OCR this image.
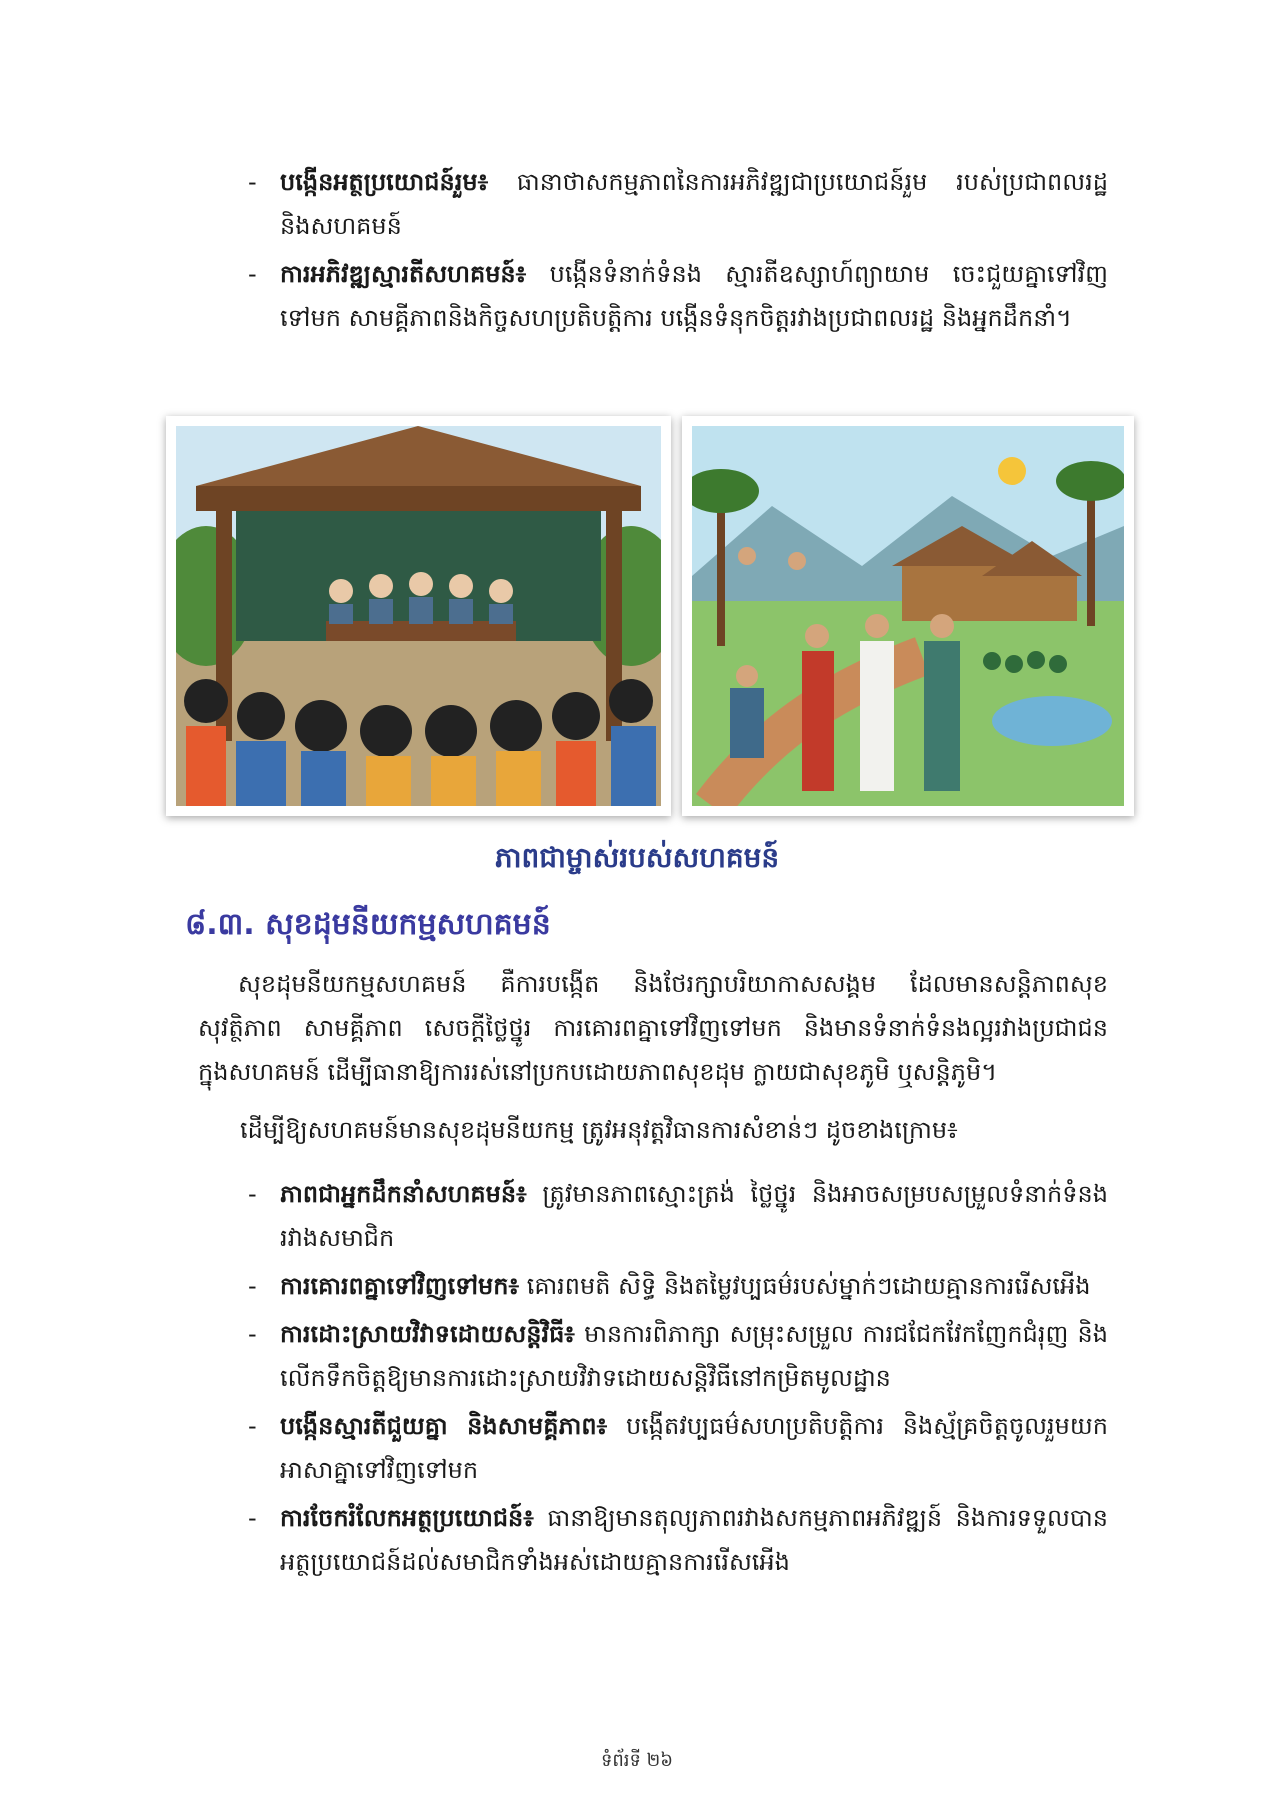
- បង្កើនអត្ថប្រយោជន៍រួម៖ ធានាថាសកម្មភាពនៃការអភិវឌ្ឍជាប្រយោជន៍រួម របស់ប្រជាពលរដ្ឋ និងសហគមន៍
- ការអភិវឌ្ឍស្មារតីសហគមន៍៖ បង្កើនទំនាក់ទំនង ស្មារតីឧស្សាហ៍ព្យាយាម ចេះជួយគ្នាទៅវិញទៅមក សាមគ្គីភាពនិងកិច្ចសហប្រតិបត្តិការ បង្កើនទំនុកចិត្តរវាងប្រជាពលរដ្ឋ និងអ្នកដឹកនាំ។
ភាពជាម្ចាស់របស់សហគមន៍
៨.៣. សុខដុមនីយកម្មសហគមន៍

សុខដុមនីយកម្មសហគមន៍ គឺការបង្កើត និងថែរក្សាបរិយាកាសសង្គម ដែលមានសន្តិភាពសុខសុវត្ថិភាព សាមគ្គីភាព សេចក្តីថ្លៃថ្នូរ ការគោរពគ្នាទៅវិញទៅមក និងមានទំនាក់ទំនងល្អរវាងប្រជាជនក្នុងសហគមន៍ ដើម្បីធានាឱ្យការរស់នៅប្រកបដោយភាពសុខដុម ក្លាយជាសុខភូមិ ឬសន្តិភូមិ។

ដើម្បីឱ្យសហគមន៍មានសុខដុមនីយកម្ម ត្រូវអនុវត្តវិធានការសំខាន់ៗ ដូចខាងក្រោម៖

- ភាពជាអ្នកដឹកនាំសហគមន៍៖ ត្រូវមានភាពស្មោះត្រង់ ថ្លៃថ្នូរ និងអាចសម្របសម្រួលទំនាក់ទំនងរវាងសមាជិក
- ការគោរពគ្នាទៅវិញទៅមក៖ គោរពមតិ សិទ្ធិ និងតម្លៃវប្បធម៌របស់ម្នាក់ៗដោយគ្មានការរើសអើង
- ការដោះស្រាយវិវាទដោយសន្តិវិធី៖ មានការពិភាក្សា សម្រុះសម្រួល ការជជែកវែកញែកជំរុញ និងលើកទឹកចិត្តឱ្យមានការដោះស្រាយវិវាទដោយសន្តិវិធីនៅកម្រិតមូលដ្ឋាន
- បង្កើនស្មារតីជួយគ្នា និងសាមគ្គីភាព៖ បង្កើតវប្បធម៌សហប្រតិបត្តិការ និងស្ម័គ្រចិត្តចូលរួមយកអាសាគ្នាទៅវិញទៅមក
- ការចែករំលែកអត្ថប្រយោជន៍៖ ធានាឱ្យមានតុល្យភាពរវាងសកម្មភាពអភិវឌ្ឍន៍ និងការទទួលបានអត្ថប្រយោជន៍ដល់សមាជិកទាំងអស់ដោយគ្មានការរើសអើង
ទំព័រទី ២៦
